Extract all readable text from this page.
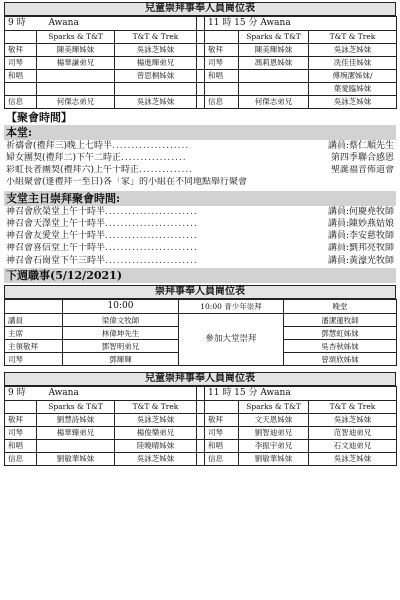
兒童崇拜事奉人員崗位表
9 時 Awana				11 時 15 分 Awana		
	Sparks & T&T	T&T & Trek			Sparks & T&T	T&T & Trek
敬拜	陳美輝姊妹	吳詠芝姊妹		敬拜	陳美輝姊妹	吳詠芝姊妹
司琴	楊華謙弟兄	楊進輝弟兄		司琴	馮莉恩姊妹	冼佳佳姊妹
和唱		曾思桐姊妹		和唱		傅琬潔姊妹/
						葉愛臨姊妹
信息	何傑志弟兄	吳詠芝姊妹		信息	何傑志弟兄	吳詠芝姊妹
【聚會時間】
本堂:
祈禱會(禮拜三)晚上七時半 ....................	講員:蔡仁順先生
婦女團契(禮拜二)下午二時正 .................	第四季聯合感恩
彩虹長者團契(禮拜六)上午十時正 ..............	聖誕福音佈道會
小組聚會(逢禮拜一至日)各「家」的小組在不同地點舉行聚會
支堂主日崇拜聚會時間:
神召會欣榮堂上午十時半 ........................	講員:何慶堯牧師
神召會天澤堂上午十時半 ........................	講員:陳妙燕姑娘
神召會友愛堂上午十時半 ........................	講員:李安慈牧師
神召會喜信堂上午十時半 ........................	講員:劉邦亮牧師
神召會石崗堂下午三時半 ........................	講員:黃濠光牧師
下週職事(5/12/2021)
崇拜事奉人員崗位表
	10:00	10:00 青少年崇拜	晚堂
講員	梁偉文牧師	參加大堂崇拜	潘潔蓮牧師
主席	林偉坤先生		鄧慧虹姊妹
主領敬拜	鄧智明弟兄		吳杏秋姊妹
司琴	鄧輝輝		曾頌欣姊妹
兒童崇拜事奉人員崗位表
9 時 Awana				11 時 15 分 Awana		
	Sparks & T&T	T&T & Trek			Sparks & T&T	T&T & Trek
敬拜	劉慧詩姊妹	吳詠芝姊妹		敬拜	文天恩姊妹	吳詠芝姊妹
司琴	楊華臻弟兄	楊俊樂弟兄		司琴	劉智迪弟兄	范智迪弟兄
和唱		陸曉晴姊妹		和唱	李振宇弟兄	石文迪弟兄
信息	劉敏華姊妹	吳詠芝姊妹		信息	劉敏華姊妹	吳詠芝姊妹
